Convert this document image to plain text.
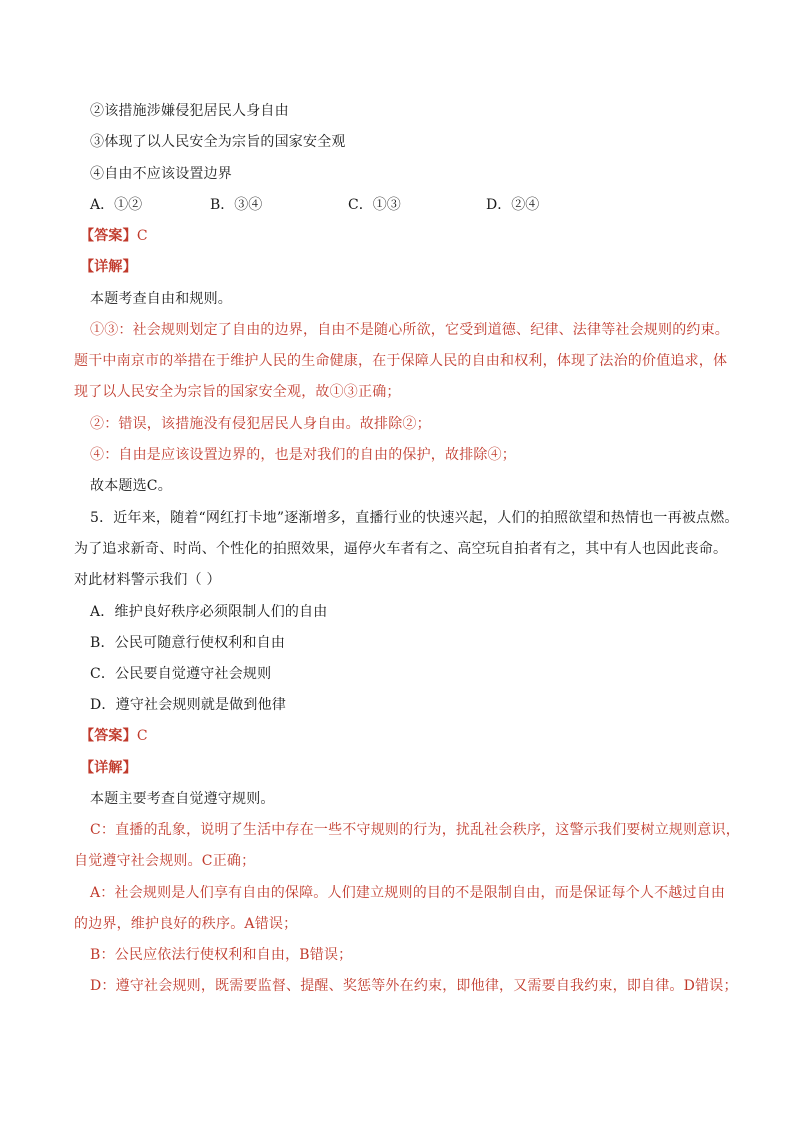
②该措施涉嫌侵犯居民人身自由
③体现了以人民安全为宗旨的国家安全观
④自由不应该设置边界
A．①②	B．③④	C．①③	D．②④
【答案】C
【详解】
本题考查自由和规则。
①③：社会规则划定了自由的边界，自由不是随心所欲，它受到道德、纪律、法律等社会规则的约束。
题干中南京市的举措在于维护人民的生命健康，在于保障人民的自由和权利，体现了法治的价值追求，体
现了以人民安全为宗旨的国家安全观，故①③正确；
②：错误，该措施没有侵犯居民人身自由。故排除②；
④：自由是应该设置边界的，也是对我们的自由的保护，故排除④；
故本题选C。
5．近年来，随着“网红打卡地”逐渐增多，直播行业的快速兴起，人们的拍照欲望和热情也一再被点燃。
为了追求新奇、时尚、个性化的拍照效果，逼停火车者有之、高空玩自拍者有之，其中有人也因此丧命。
对此材料警示我们（ ）
A．维护良好秩序必须限制人们的自由
B．公民可随意行使权利和自由
C．公民要自觉遵守社会规则
D．遵守社会规则就是做到他律
【答案】C
【详解】
本题主要考查自觉遵守规则。
C：直播的乱象，说明了生活中存在一些不守规则的行为，扰乱社会秩序，这警示我们要树立规则意识，
自觉遵守社会规则。C正确；
A：社会规则是人们享有自由的保障。人们建立规则的目的不是限制自由，而是保证每个人不越过自由
的边界，维护良好的秩序。A错误；
B：公民应依法行使权利和自由，B错误；
D：遵守社会规则，既需要监督、提醒、奖惩等外在约束，即他律，又需要自我约束，即自律。D错误；
